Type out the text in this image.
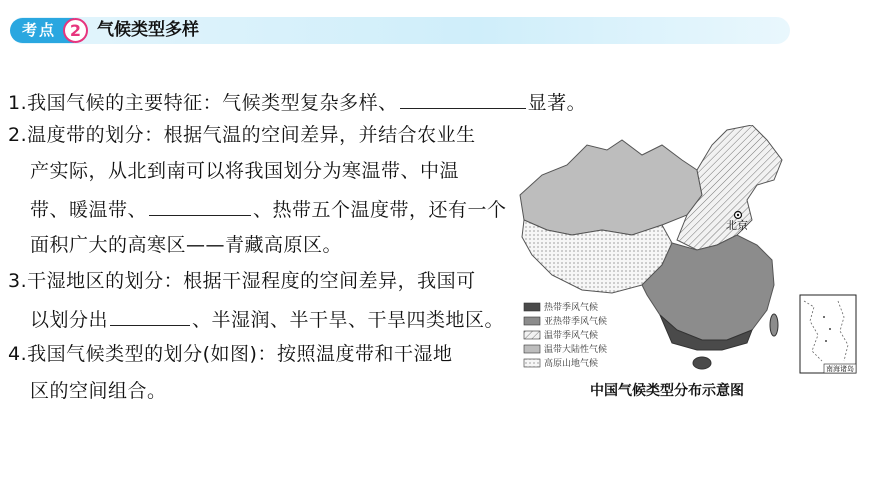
考点 2 气候类型多样
1.我国气候的主要特征：气候类型复杂多样、	显著。
2.温度带的划分：根据气温的空间差异，并结合农业生
产实际，从北到南可以将我国划分为寒温带、中温
带、暖温带、	、热带五个温度带，还有一个
面积广大的高寒区——青藏高原区。
3.干湿地区的划分：根据干湿程度的空间差异，我国可
以划分出	、半湿润、半干旱、干旱四类地区。
4.我国气候类型的划分(如图)：按照温度带和干湿地
区的空间组合。
北京
热带季风气候
亚热带季风气候
温带季风气候
温带大陆性气候
高原山地气候	南海诸岛
中国气候类型分布示意图
